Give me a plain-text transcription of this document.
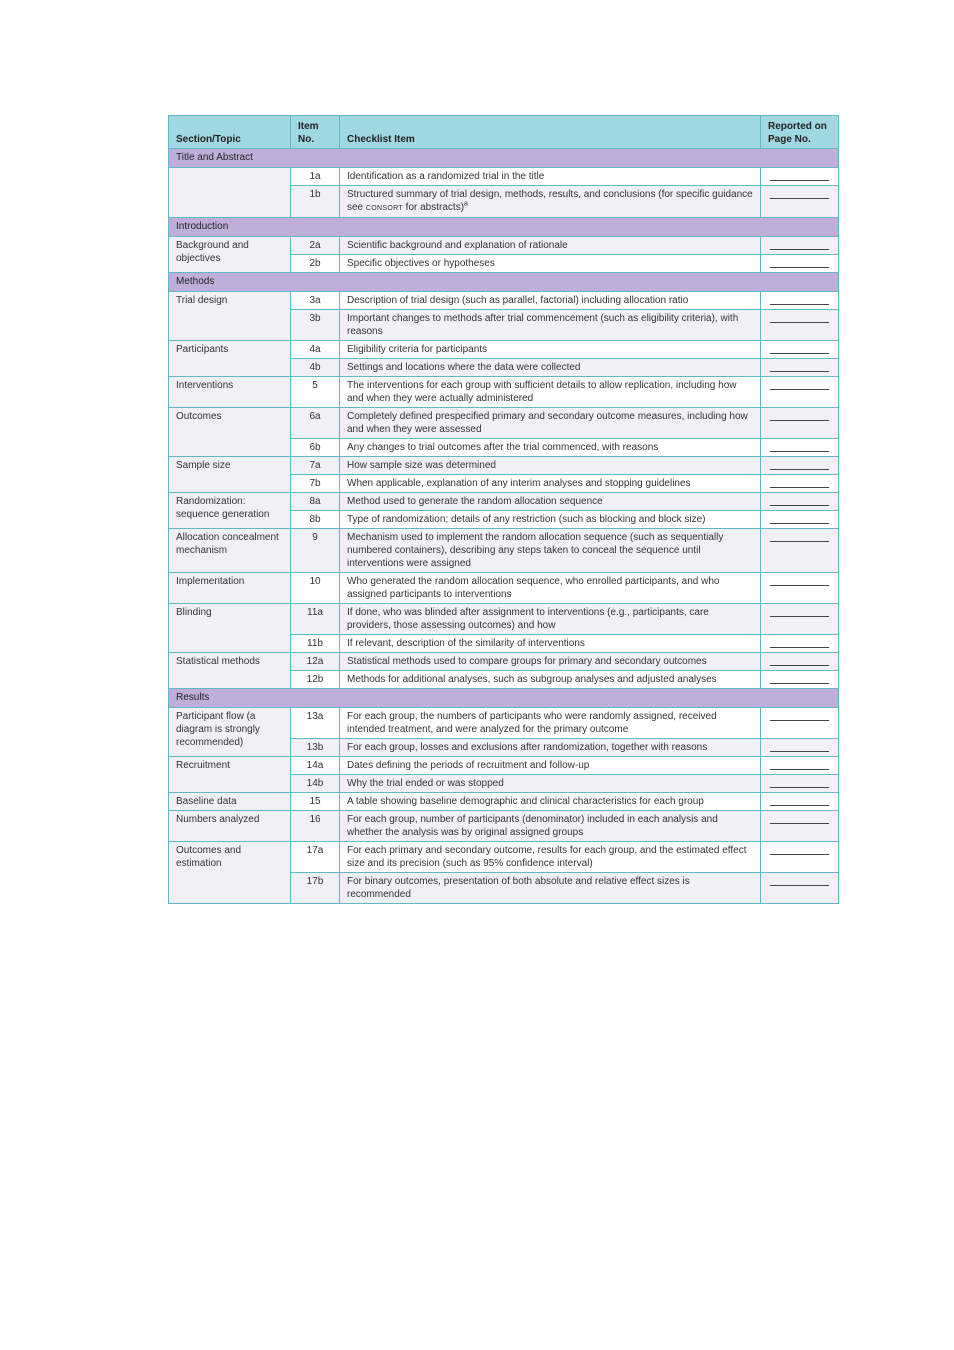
Section/Topic	Item No.	Checklist Item	Reported on Page No.
Title and Abstract			
	1a	Identification as a randomized trial in the title	

	1b	Structured summary of trial design, methods, results, and conclusions (for specific guidance see CONSORT for abstracts)$^a$	

Introduction			
Background and objectives	2a	Scientific background and explanation of rationale	

	2b	Specific objectives or hypotheses	

Methods			
Trial design	3a	Description of trial design (such as parallel, factorial) including allocation ratio	

	3b	Important changes to methods after trial commencement (such as eligibility criteria), with reasons	

Participants	4a	Eligibility criteria for participants	

	4b	Settings and locations where the data were collected	

Interventions	5	The interventions for each group with sufficient details to allow replication, including how and when they were actually administered	

Outcomes	6a	Completely defined prespecified primary and secondary outcome measures, including how and when they were assessed	

	6b	Any changes to trial outcomes after the trial commenced, with reasons	

Sample size	7a	How sample size was determined	

	7b	When applicable, explanation of any interim analyses and stopping guidelines	

Randomization: sequence generation	8a	Method used to generate the random allocation sequence	

	8b	Type of randomization; details of any restriction (such as blocking and block size)	

Allocation concealment mechanism	9	Mechanism used to implement the random allocation sequence (such as sequentially numbered containers), describing any steps taken to conceal the sequence until interventions were assigned	

Implementation	10	Who generated the random allocation sequence, who enrolled participants, and who assigned participants to interventions	

Blinding	11a	If done, who was blinded after assignment to interventions (e.g., participants, care providers, those assessing outcomes) and how	

	11b	If relevant, description of the similarity of interventions	

Statistical methods	12a	Statistical methods used to compare groups for primary and secondary outcomes	

	12b	Methods for additional analyses, such as subgroup analyses and adjusted analyses	

Results			
Participant flow (a diagram is strongly recommended)	13a	For each group, the numbers of participants who were randomly assigned, received intended treatment, and were analyzed for the primary outcome	

	13b	For each group, losses and exclusions after randomization, together with reasons	

Recruitment	14a	Dates defining the periods of recruitment and follow-up	

	14b	Why the trial ended or was stopped	

Baseline data	15	A table showing baseline demographic and clinical characteristics for each group	

Numbers analyzed	16	For each group, number of participants (denominator) included in each analysis and whether the analysis was by original assigned groups	

Outcomes and estimation	17a	For each primary and secondary outcome, results for each group, and the estimated effect size and its precision (such as 95% confidence interval)	

	17b	For binary outcomes, presentation of both absolute and relative effect sizes is recommended	
